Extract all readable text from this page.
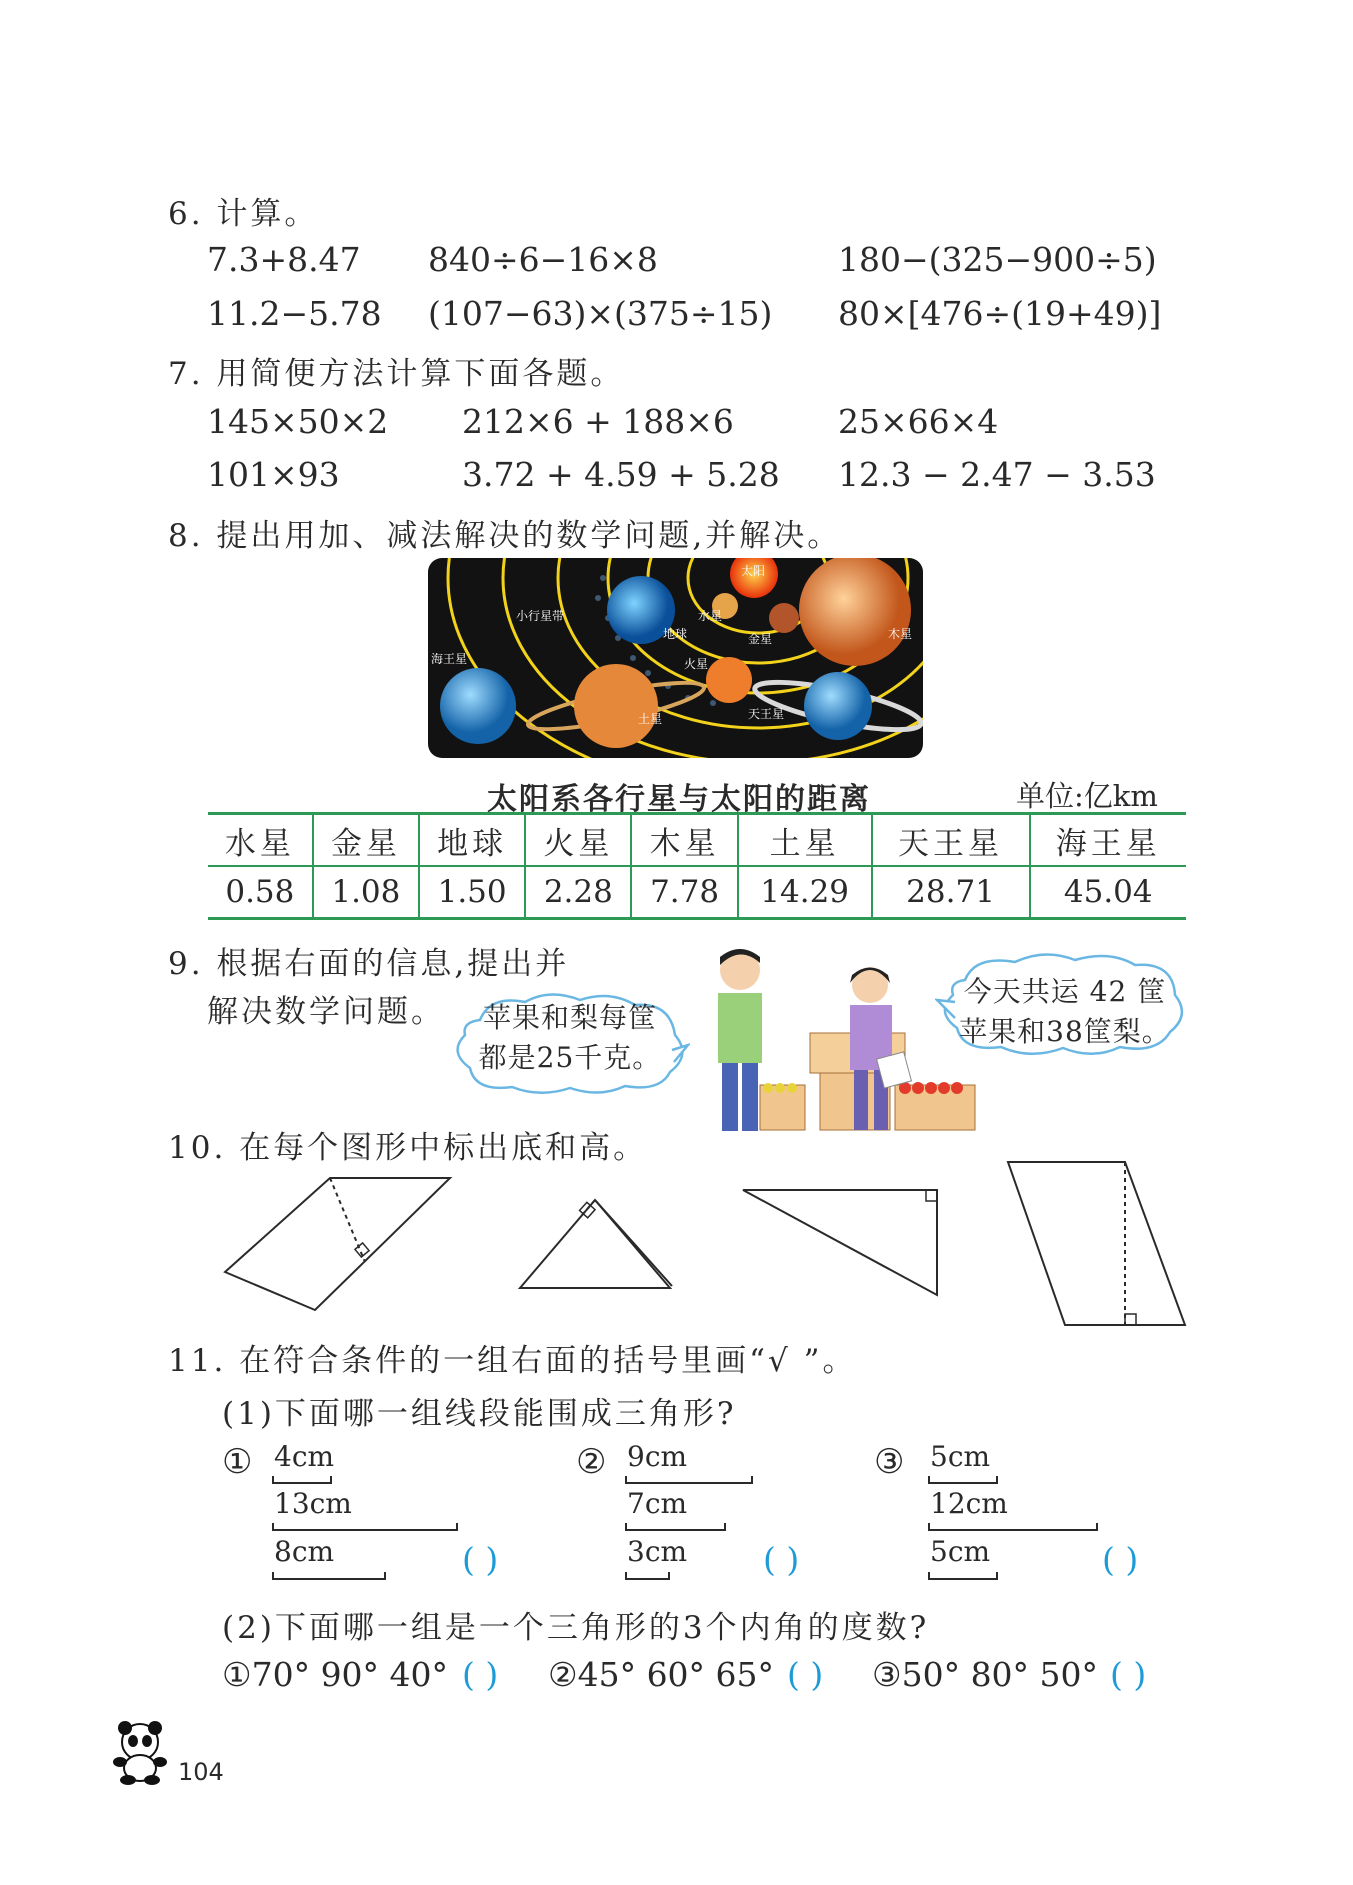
6. 计算。
7.3+8.47 840÷6−16×8	180−(325−900÷5)
11.2−5.78 (107−63)×(375÷15) 80×[476÷(19+49)]
7. 用简便方法计算下面各题。
145×50×2 212×6 + 188×6	25×66×4
101×93	3.72 + 4.59 + 5.28 12.3 − 2.47 − 3.53
8. 提出用加、减法解决的数学问题,并解决。
太阳
水星
金星
地球
火星
木星
土星	天王星
海王星
小行星带
太阳系各行星与太阳的距离	单位:亿km
水星	金星	地球	火星	木星	土星	天王星	海王星
0.58	1.08	1.50	2.28	7.78	14.29	28.71	45.04
9. 根据右面的信息,提出并
解决数学问题。	苹果和梨每筐
都是25千克。
今天共运 42 筐
苹果和38筐梨。
10. 在每个图形中标出底和高。
11. 在符合条件的一组右面的括号里画“√ ”。
(1)下面哪一组线段能围成三角形?
① 4cm
13cm
8cm	( )
② 9cm
7cm
3cm ( )
③ 5cm
12cm
5cm	( )
(2)下面哪一组是一个三角形的3个内角的度数?
①70° 90° 40° ( ) ②45° 60° 65° ( ) ③50° 80° 50° ( )
104
